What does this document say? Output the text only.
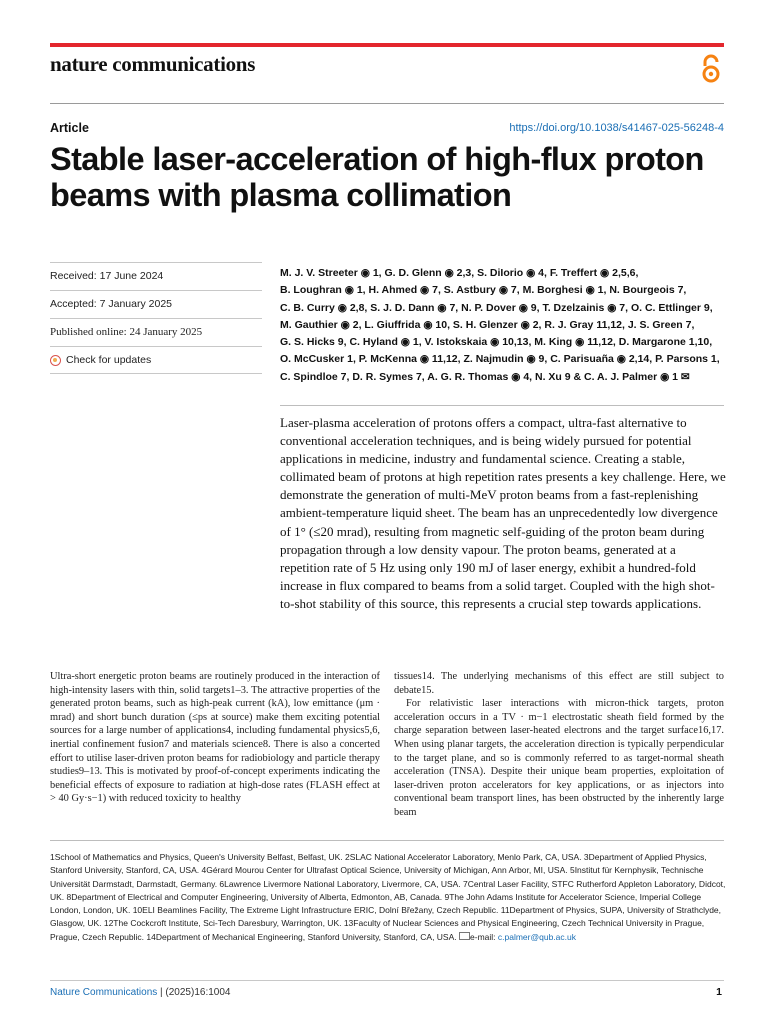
nature communications
Article	https://doi.org/10.1038/s41467-025-56248-4
Stable laser-acceleration of high-flux proton beams with plasma collimation
Received: 17 June 2024
Accepted: 7 January 2025
Published online: 24 January 2025
Check for updates
M. J. V. Streeter ◉ 1, G. D. Glenn ◉ 2,3, S. DiIorio ◉ 4, F. Treffert ◉ 2,5,6,
B. Loughran ◉ 1, H. Ahmed ◉ 7, S. Astbury ◉ 7, M. Borghesi ◉ 1, N. Bourgeois 7,
C. B. Curry ◉ 2,8, S. J. D. Dann ◉ 7, N. P. Dover ◉ 9, T. Dzelzainis ◉ 7, O. C. Ettlinger 9,
M. Gauthier ◉ 2, L. Giuffrida ◉ 10, S. H. Glenzer ◉ 2, R. J. Gray 11,12, J. S. Green 7,
G. S. Hicks 9, C. Hyland ◉ 1, V. Istokskaia ◉ 10,13, M. King ◉ 11,12, D. Margarone 1,10,
O. McCusker 1, P. McKenna ◉ 11,12, Z. Najmudin ◉ 9, C. Parisuaña ◉ 2,14, P. Parsons 1,
C. Spindloe 7, D. R. Symes 7, A. G. R. Thomas ◉ 4, N. Xu 9 & C. A. J. Palmer ◉ 1 ✉

Laser-plasma acceleration of protons offers a compact, ultra-fast alternative to conventional acceleration techniques, and is being widely pursued for potential applications in medicine, industry and fundamental science. Creating a stable, collimated beam of protons at high repetition rates presents a key challenge. Here, we demonstrate the generation of multi-MeV proton beams from a fast-replenishing ambient-temperature liquid sheet. The beam has an unprecedentedly low divergence of 1° (≤20 mrad), resulting from magnetic self-guiding of the proton beam during propagation through a low density vapour. The proton beams, generated at a repetition rate of 5 Hz using only 190 mJ of laser energy, exhibit a hundred-fold increase in flux compared to beams from a solid target. Coupled with the high shot-to-shot stability of this source, this represents a crucial step towards applications.

Ultra-short energetic proton beams are routinely produced in the interaction of high-intensity lasers with thin, solid targets1–3. The attractive properties of the generated proton beams, such as high-peak current (kA), low emittance (μm · mrad) and short bunch duration (≤ps at source) make them exciting potential sources for a large number of applications4, including fundamental physics5,6, inertial confinement fusion7 and materials science8. There is also a concerted effort to utilise laser-driven proton beams for radiobiology and particle therapy studies9–13. This is motivated by proof-of-concept experiments indicating the beneficial effects of exposure to radiation at high-dose rates (FLASH effect at > 40 Gy·s−1) with reduced toxicity to healthy

tissues14. The underlying mechanisms of this effect are still subject to debate15.

For relativistic laser interactions with micron-thick targets, proton acceleration occurs in a TV · m−1 electrostatic sheath field formed by the charge separation between laser-heated electrons and the target surface16,17. When using planar targets, the acceleration direction is typically perpendicular to the target plane, and so is commonly referred to as target-normal sheath acceleration (TNSA). Despite their unique beam properties, exploitation of laser-driven proton accelerators for key applications, or as injectors into conventional beam transport lines, has been obstructed by the inherently large beam

1School of Mathematics and Physics, Queen's University Belfast, Belfast, UK. 2SLAC National Accelerator Laboratory, Menlo Park, CA, USA. 3Department of Applied Physics, Stanford University, Stanford, CA, USA. 4Gérard Mourou Center for Ultrafast Optical Science, University of Michigan, Ann Arbor, MI, USA. 5Institut für Kernphysik, Technische Universität Darmstadt, Darmstadt, Germany. 6Lawrence Livermore National Laboratory, Livermore, CA, USA. 7Central Laser Facility, STFC Rutherford Appleton Laboratory, Didcot, UK. 8Department of Electrical and Computer Engineering, University of Alberta, Edmonton, AB, Canada. 9The John Adams Institute for Accelerator Science, Imperial College London, London, UK. 10ELI Beamlines Facility, The Extreme Light Infrastructure ERIC, Dolní Břežany, Czech Republic. 11Department of Physics, SUPA, University of Strathclyde, Glasgow, UK. 12The Cockcroft Institute, Sci-Tech Daresbury, Warrington, UK. 13Faculty of Nuclear Sciences and Physical Engineering, Czech Technical University in Prague, Prague, Czech Republic. 14Department of Mechanical Engineering, Stanford University, Stanford, CA, USA. e-mail: c.palmer@qub.ac.uk
Nature Communications | (2025)16:1004	1
